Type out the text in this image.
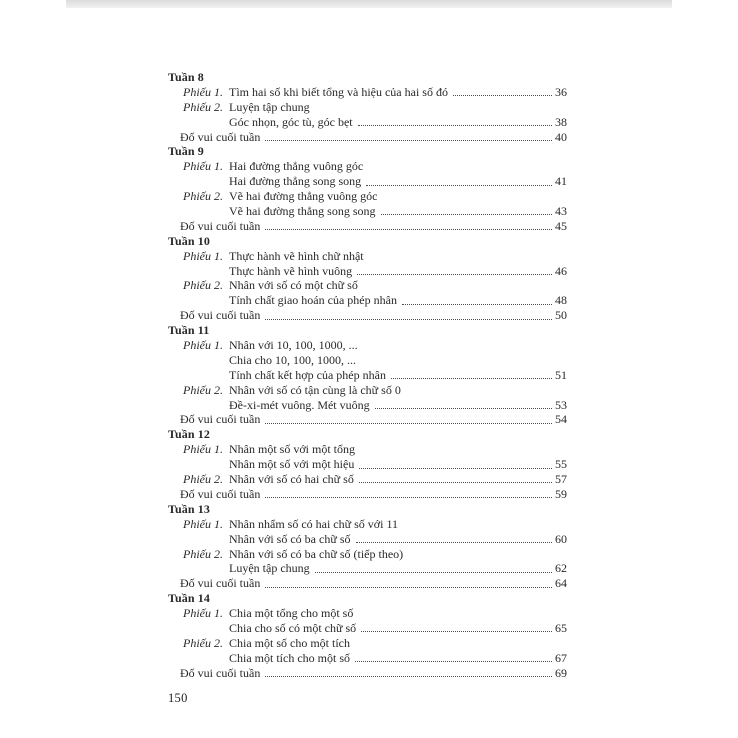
Tuần 8
Phiếu 1. Tìm hai số khi biết tổng và hiệu của hai số đó	36
Phiếu 2. Luyện tập chung
Góc nhọn, góc tù, góc bẹt	38
Đố vui cuối tuần	40
Tuần 9
Phiếu 1. Hai đường thẳng vuông góc
Hai đường thẳng song song	41
Phiếu 2. Vẽ hai đường thẳng vuông góc
Vẽ hai đường thẳng song song	43
Đố vui cuối tuần	45
Tuần 10
Phiếu 1. Thực hành vẽ hình chữ nhật
Thực hành vẽ hình vuông	46
Phiếu 2. Nhân với số có một chữ số
Tính chất giao hoán của phép nhân	48
Đố vui cuối tuần	50
Tuần 11
Phiếu 1. Nhân với 10, 100, 1000, ...
Chia cho 10, 100, 1000, ...
Tính chất kết hợp của phép nhân	51
Phiếu 2. Nhân với số có tận cùng là chữ số 0
Đề-xi-mét vuông. Mét vuông	53
Đố vui cuối tuần	54
Tuần 12
Phiếu 1. Nhân một số với một tổng
Nhân một số với một hiệu	55
Phiếu 2. Nhân với số có hai chữ số	57
Đố vui cuối tuần	59
Tuần 13
Phiếu 1. Nhân nhẩm số có hai chữ số với 11
Nhân với số có ba chữ số	60
Phiếu 2. Nhân với số có ba chữ số (tiếp theo)
Luyện tập chung	62
Đố vui cuối tuần	64
Tuần 14
Phiếu 1. Chia một tổng cho một số
Chia cho số có một chữ số	65
Phiếu 2. Chia một số cho một tích
Chia một tích cho một số	67
Đố vui cuối tuần	69
150
